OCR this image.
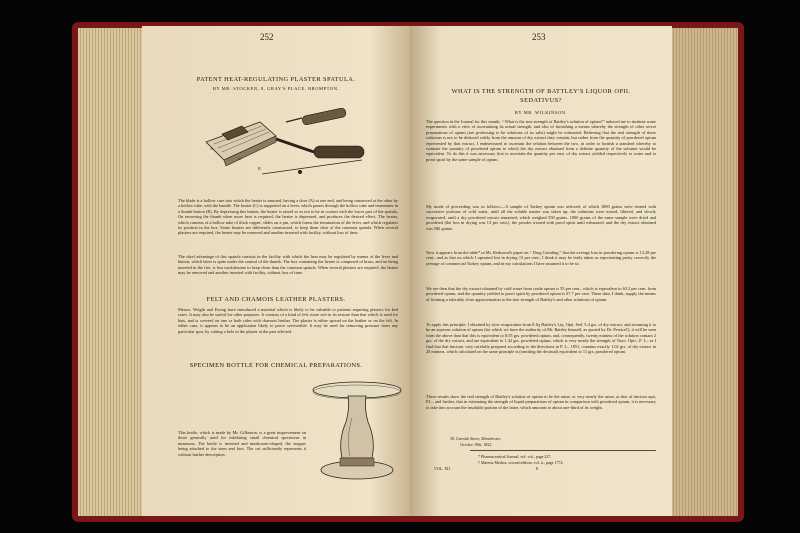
252
PATENT HEAT-REGULATING PLASTER SPATULA.
BY MR. STOCKEN, 8, GRAY'S PLACE, BROMPTON.
A
B
C
The blade is a hollow case into which the heater is inserted, having a door (A) at one end, and being connected at the other by a hollow tube, with the handle. The heater (C) is supported on a lever, which passes through the hollow tube and terminates in a thumb-button (B). By depressing this button, the heater is raised so as not to be in contact with the lower part of the spatula. On removing the thumb when more heat is required, the heater is depressed, and produces the desired effect. The heater, which consists of a hollow tube of thick copper, slides on a pin, which forms the termination of the lever, and which regulates its position in the box. Some heaters are differently constructed, to keep them clear of the common spatula. When several plasters are required, the heater may be removed and another inserted with facility, without loss of time.
The chief advantage of this spatula consists in the facility with which the heat may be regulated by means of the lever and button, which latter is quite under the control of the thumb. The box containing the heater is composed of brass, and no being inserted in the fire, is less troublesome to keep clean than the common spatula. When several plasters are required, the heater may be removed and another inserted with facility, without loss of time.
FELT AND CHAMOIS LEATHER PLASTERS.
Messrs. Wright and Ewing have introduced a material which is likely to be valuable to patients requiring plasters for bed sores. It may also be useful for other purposes. It consists of a kind of felt, more soft in its texture than that which is used for hats, and is covered on one or both sides with chamois leather. The plaster is either spread on the leather or on the felt. In either case, it appears to be an application likely to prove serviceable. It may be used for removing pressure from any particular spot, by cutting a hole in the plaster at the part affected.
SPECIMEN BOTTLE FOR CHEMICAL PREPARATIONS.
This bottle, which is made by Mr. Gilberton, is a great improvement on those generally used for exhibiting small chemical specimens in museums. The bottle is inverted and mushroom-shaped, the stopper being attached to the stem and foot. The cut sufficiently represents it without further description.
253
WHAT IS THE STRENGTH OF BATTLEY'S LIQUOR OPII.
SEDATIVUS?
BY MR. WILKINSON.
The question in the Journal for this month, “ What is the true strength of Battley's solution of opium?” induced me to institute some experiments with a view of ascertaining its actual strength, and also of furnishing a means whereby the strength of other secret preparations of opium (not professing to be solutions of its salts) might be estimated. Believing that the real strength of these solutions is not to be deduced solely from the amount of dry extract they contain, but rather from the quantity of powdered opium represented by that extract, I endeavoured to ascertain the relation between the two, in order to furnish a standard whereby to estimate the quantity of powdered opium to which the dry extract obtained from a definite quantity of the solution would be equivalent. To do this it was necessary first to ascertain the quantity per cent. of dry extract yielded respectively to water and to proof spirit by the same sample of opium.
My mode of proceeding was as follows:—A sample of Turkey opium was selected, of which 1000 grains were treated with successive portions of cold water, until all the soluble matter was taken up; the solutions were mixed, filtered, and slowly evaporated, until a dry powdered extract remained, which weighed 550 grains. 1000 grains of the same sample were dried and powdered (the loss in drying was 13 per cent.), the powder treated with proof spirit until exhausted, and the dry extract obtained was 580 grains.
Now it appears from the table* in Mr. Redwood's paper on “ Drug Grinding,” that the average loss in powdering opium is 13.28 per cent., and as that on which I operated lost in drying 13 per cent., I think it may be fairly taken as representing pretty correctly the average of commercial Turkey opium, and in my calculations I have assumed it to be so.
We see then that the dry extract obtained by cold water from crude opium is 55 per cent., which is equivalent to 63.2 per cent. from powdered opium, and the quantity yielded to proof spirit by powdered opium is 67.7 per cent. These data, I think, supply the means of forming a tolerably close approximation to the true strength of Battley's and other solutions of opium.
To apply this principle, I obtained by slow evaporation from 8 flʒ Battley's Liq. Opii. Sed. 5.4 grs. of dry extract, and assuming it to be an aqueous solution of opium (for which we have the authority of Mr. Battley himself, as quoted by Dr. Pereira†), it will be seen from the above data that this is equivalent to 8.55 grs. powdered opium, and, consequently, twenty minims of the solution contain 2 grs. of the dry extract, and are equivalent to 1.42 grs. powdered opium, which is very nearly the strength of Tinct. Opii., P. L.; as I find that that tincture, very carefully prepared according to the directions in P. L., 1851, contains exactly 1.02 grs. of dry extract in 20 minims, which calculated on the same principle is (omitting the decimal) equivalent to 11 grs. powdered opium.
These results show the real strength of Battley's solution of opium to be the same, or very nearly the same, as that of tinctura opii, P.L., and further, that in estimating the strength of liquid preparations of opium in comparison with powdered opium, it is necessary to take into account the insoluble portion of the latter, which amounts to about one-third of its weight.
38, Garnish Street, Manchester,
October 19th, 1852.
* Pharmaceutical Journal, vol. viii., page 227.
† Materia Medica, second edition, vol. ii., page 1772.
VOL. XII.	E
